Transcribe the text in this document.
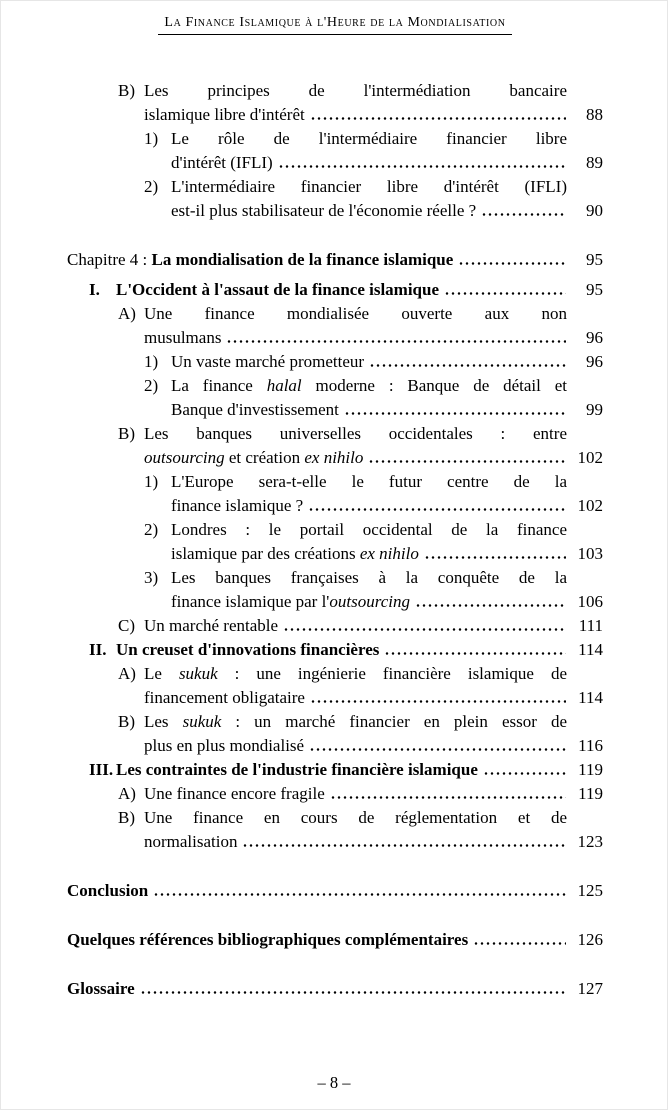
La Finance Islamique à l'Heure de la Mondialisation
B) Les principes de l'intermédiation bancaire
islamique libre d'intérêt	88
1) Le rôle de l'intermédiaire financier libre
d'intérêt (IFLI)	89
2) L'intermédiaire financier libre d'intérêt (IFLI)
est-il plus stabilisateur de l'économie réelle ?	90
Chapitre 4 : La mondialisation de la finance islamique	95
I. L'Occident à l'assaut de la finance islamique	95
A) Une finance mondialisée ouverte aux non
musulmans	96
1) Un vaste marché prometteur	96
2) La finance halal moderne : Banque de détail et
Banque d'investissement	99
B) Les banques universelles occidentales : entre
outsourcing et création ex nihilo	102
1) L'Europe sera-t-elle le futur centre de la
finance islamique ?	102
2) Londres : le portail occidental de la finance
islamique par des créations ex nihilo	103
3) Les banques françaises à la conquête de la
finance islamique par l'outsourcing	106
C) Un marché rentable	111
II. Un creuset d'innovations financières	114
A) Le sukuk : une ingénierie financière islamique de
financement obligataire	114
B) Les sukuk : un marché financier en plein essor de
plus en plus mondialisé	116
III. Les contraintes de l'industrie financière islamique	119
A) Une finance encore fragile	119
B) Une finance en cours de réglementation et de
normalisation	123
Conclusion	125
Quelques références bibliographiques complémentaires	126
Glossaire	127
– 8 –
